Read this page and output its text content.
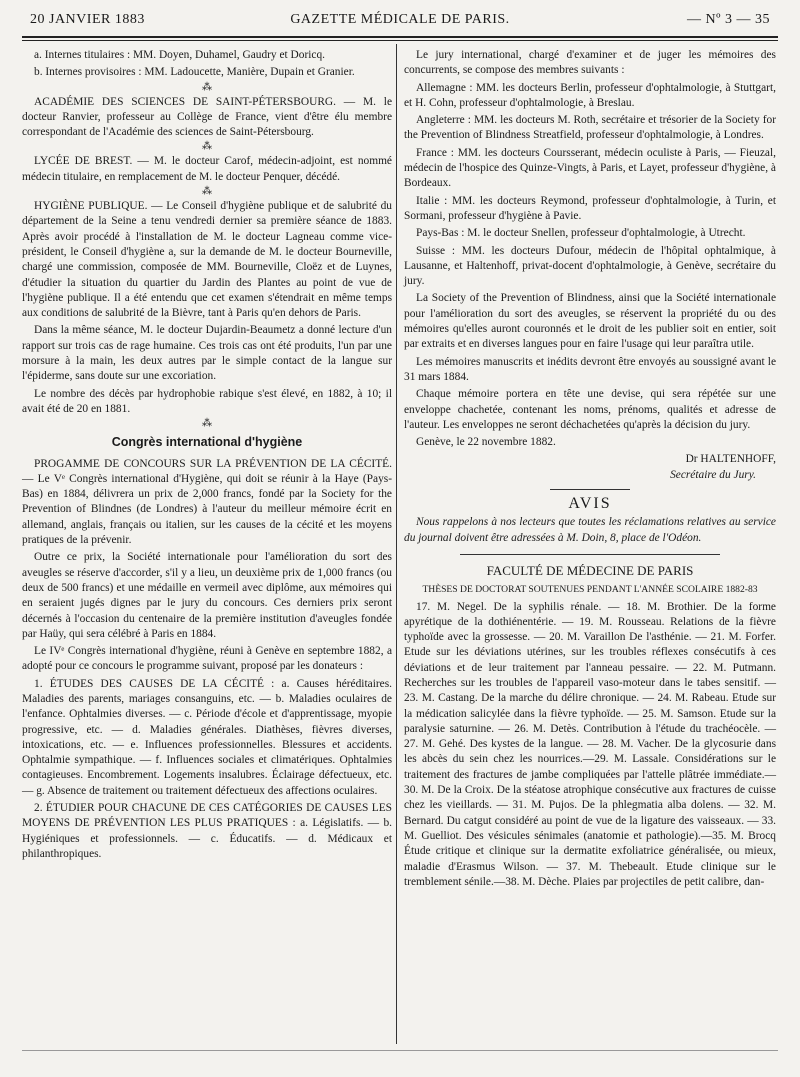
20 JANVIER 1883	GAZETTE MÉDICALE DE PARIS.	— Nº 3 — 35

a. Internes titulaires : MM. Doyen, Duhamel, Gaudry et Doricq.

b. Internes provisoires : MM. Ladoucette, Manière, Dupain et Granier.

⁂

ACADÉMIE DES SCIENCES DE SAINT-PÉTERSBOURG. — M. le docteur Ranvier, professeur au Collège de France, vient d'être élu membre correspondant de l'Académie des sciences de Saint-Pétersbourg.

⁂

LYCÉE DE BREST. — M. le docteur Carof, médecin-adjoint, est nommé médecin titulaire, en remplacement de M. le docteur Penquer, décédé.

⁂

HYGIÈNE PUBLIQUE. — Le Conseil d'hygiène publique et de salubrité du département de la Seine a tenu vendredi dernier sa première séance de 1883. Après avoir procédé à l'installation de M. le docteur Lagneau comme vice-président, le Conseil d'hygiène a, sur la demande de M. le docteur Bourneville, chargé une commission, composée de MM. Bourneville, Cloëz et de Luynes, d'étudier la situation du quartier du Jardin des Plantes au point de vue de l'hygiène publique. Il a été entendu que cet examen s'étendrait en même temps aux conditions de salubrité de la Bièvre, tant à Paris qu'en dehors de Paris.

Dans la même séance, M. le docteur Dujardin-Beaumetz a donné lecture d'un rapport sur trois cas de rage humaine. Ces trois cas ont été produits, l'un par une morsure à la main, les deux autres par le simple contact de la langue sur l'épiderme, sans doute sur une excoriation.

Le nombre des décès par hydrophobie rabique s'est élevé, en 1882, à 10; il avait été de 20 en 1881.

⁂
Congrès international d'hygiène

PROGAMME DE CONCOURS SUR LA PRÉVENTION DE LA CÉCITÉ. — Le Vᵉ Congrès international d'Hygiène, qui doit se réunir à la Haye (Pays-Bas) en 1884, délivrera un prix de 2,000 francs, fondé par la Society for the Prevention of Blindnes (de Londres) à l'auteur du meilleur mémoire écrit en allemand, anglais, français ou italien, sur les causes de la cécité et les moyens pratiques de la prévenir.

Outre ce prix, la Société internationale pour l'amélioration du sort des aveugles se réserve d'accorder, s'il y a lieu, un deuxième prix de 1,000 francs (ou deux de 500 francs) et une médaille en vermeil avec diplôme, aux mémoires qui en seraient jugés dignes par le jury du concours. Ces derniers prix seront décernés à l'occasion du centenaire de la première institution d'aveugles fondée par Haüy, qui sera célébré à Paris en 1884.

Le IVᵉ Congrès international d'hygiène, réuni à Genève en septembre 1882, a adopté pour ce concours le programme suivant, proposé par les donateurs :

1. ÉTUDES DES CAUSES DE LA CÉCITÉ : a. Causes héréditaires. Maladies des parents, mariages consanguins, etc. — b. Maladies oculaires de l'enfance. Ophtalmies diverses. — c. Période d'école et d'apprentissage, myopie progressive, etc. — d. Maladies générales. Diathèses, fièvres diverses, intoxications, etc. — e. Influences professionnelles. Blessures et accidents. Ophtalmie sympathique. — f. Influences sociales et climatériques. Ophtalmies contagieuses. Encombrement. Logements insalubres. Éclairage défectueux, etc. — g. Absence de traitement ou traitement défectueux des affections oculaires.

2. ÉTUDIER POUR CHACUNE DE CES CATÉGORIES DE CAUSES LES MOYENS DE PRÉVENTION LES PLUS PRATIQUES : a. Législatifs. — b. Hygiéniques et professionnels. — c. Éducatifs. — d. Médicaux et philanthropiques.

Le jury international, chargé d'examiner et de juger les mémoires des concurrents, se compose des membres suivants :

Allemagne : MM. les docteurs Berlin, professeur d'ophtalmologie, à Stuttgart, et H. Cohn, professeur d'ophtalmologie, à Breslau.

Angleterre : MM. les docteurs M. Roth, secrétaire et trésorier de la Society for the Prevention of Blindness Streatfield, professeur d'ophtalmologie, à Londres.

France : MM. les docteurs Coursserant, médecin oculiste à Paris, — Fieuzal, médecin de l'hospice des Quinze-Vingts, à Paris, et Layet, professeur d'hygiène, à Bordeaux.

Italie : MM. les docteurs Reymond, professeur d'ophtalmologie, à Turin, et Sormani, professeur d'hygiène à Pavie.

Pays-Bas : M. le docteur Snellen, professeur d'ophtalmologie, à Utrecht.

Suisse : MM. les docteurs Dufour, médecin de l'hôpital ophtalmique, à Lausanne, et Haltenhoff, privat-docent d'ophtalmologie, à Genève, secrétaire du jury.

La Society of the Prevention of Blindness, ainsi que la Société internationale pour l'amélioration du sort des aveugles, se réservent la propriété du ou des mémoires qu'elles auront couronnés et le droit de les publier soit en entier, soit par extraits et en diverses langues pour en faire l'usage qui leur paraîtra utile.

Les mémoires manuscrits et inédits devront être envoyés au soussigné avant le 31 mars 1884.

Chaque mémoire portera en tête une devise, qui sera répétée sur une enveloppe chachetée, contenant les noms, prénoms, qualités et adresse de l'auteur. Les enveloppes ne seront déchachetées qu'après la décision du jury.

Genève, le 22 novembre 1882.

Dr HALTENHOFF,

Secrétaire du Jury.

AVIS

Nous rappelons à nos lecteurs que toutes les réclamations relatives au service du journal doivent être adressées à M. Doin, 8, place de l'Odéon.

FACULTÉ DE MÉDECINE DE PARIS

THÈSES DE DOCTORAT SOUTENUES PENDANT L'ANNÉE SCOLAIRE 1882-83

17. M. Negel. De la syphilis rénale. — 18. M. Brothier. De la forme apyrétique de la dothiénentérie. — 19. M. Rousseau. Relations de la fièvre typhoïde avec la grossesse. — 20. M. Varaillon De l'asthénie. — 21. M. Forfer. Etude sur les déviations utérines, sur les troubles réflexes consécutifs à ces déviations et de leur traitement par l'anneau pessaire. — 22. M. Putmann. Recherches sur les troubles de l'appareil vaso-moteur dans le tabes sensitif. — 23. M. Castang. De la marche du délire chronique. — 24. M. Rabeau. Etude sur la médication salicylée dans la fièvre typhoïde. — 25. M. Samson. Etude sur la paralysie saturnine. — 26. M. Detès. Contribution à l'étude du trachéocèle. — 27. M. Gehé. Des kystes de la langue. — 28. M. Vacher. De la glycosurie dans les abcès du sein chez les nourrices.—29. M. Lassale. Considérations sur le traitement des fractures de jambe compliquées par l'attelle plâtrée immédiate.—30. M. De la Croix. De la stéatose atrophique consécutive aux fractures de cuisse chez les vieillards. — 31. M. Pujos. De la phlegmatia alba dolens. — 32. M. Bernard. Du catgut considéré au point de vue de la ligature des vaisseaux. — 33. M. Guelliot. Des vésicules sénimales (anatomie et pathologie).—35. M. Brocq Étude critique et clinique sur la dermatite exfoliatrice généralisée, ou mieux, maladie d'Erasmus Wilson. — 37. M. Thebeault. Etude clinique sur le tremblement sénile.—38. M. Dèche. Plaies par projectiles de petit calibre, dan-
